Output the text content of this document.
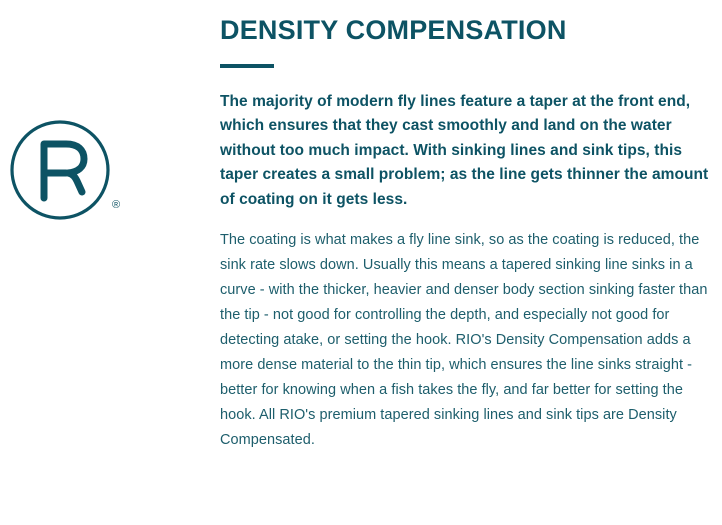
®
DENSITY COMPENSATION

The majority of modern fly lines feature a taper at the front end, which ensures that they cast smoothly and land on the water without too much impact. With sinking lines and sink tips, this taper creates a small problem; as the line gets thinner the amount of coating on it gets less.

The coating is what makes a fly line sink, so as the coating is reduced, the sink rate slows down. Usually this means a tapered sinking line sinks in a curve - with the thicker, heavier and denser body section sinking faster than the tip - not good for controlling the depth, and especially not good for detecting atake, or setting the hook. RIO's Density Compensation adds a more dense material to the thin tip, which ensures the line sinks straight - better for knowing when a fish takes the fly, and far better for setting the hook. All RIO's premium tapered sinking lines and sink tips are Density Compensated.
